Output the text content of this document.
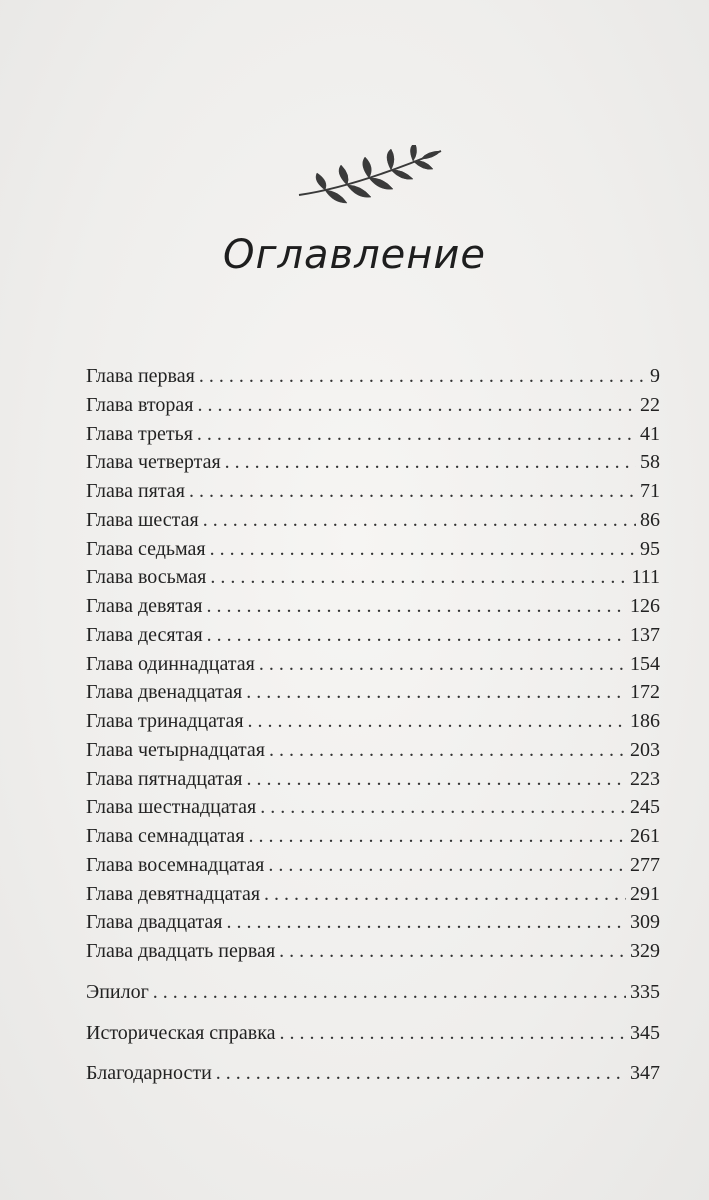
Оглавление
Глава первая . . .	9
Глава вторая . . .	22
Глава третья . . .	41
Глава четвертая . . .	58
Глава пятая . . .	71
Глава шестая . . .	86
Глава седьмая . . .	95
Глава восьмая . . .	111
Глава девятая . . .	126
Глава десятая . . .	137
Глава одиннадцатая . . .	154
Глава двенадцатая . . .	172
Глава тринадцатая . . .	186
Глава четырнадцатая . . .	203
Глава пятнадцатая . . .	223
Глава шестнадцатая . . .	245
Глава семнадцатая . . .	261
Глава восемнадцатая . . .	277
Глава девятнадцатая . . .	291
Глава двадцатая . . .	309
Глава двадцать первая . . .	329
Эпилог . . .	335
Историческая справка . . .	345
Благодарности . . .	347
